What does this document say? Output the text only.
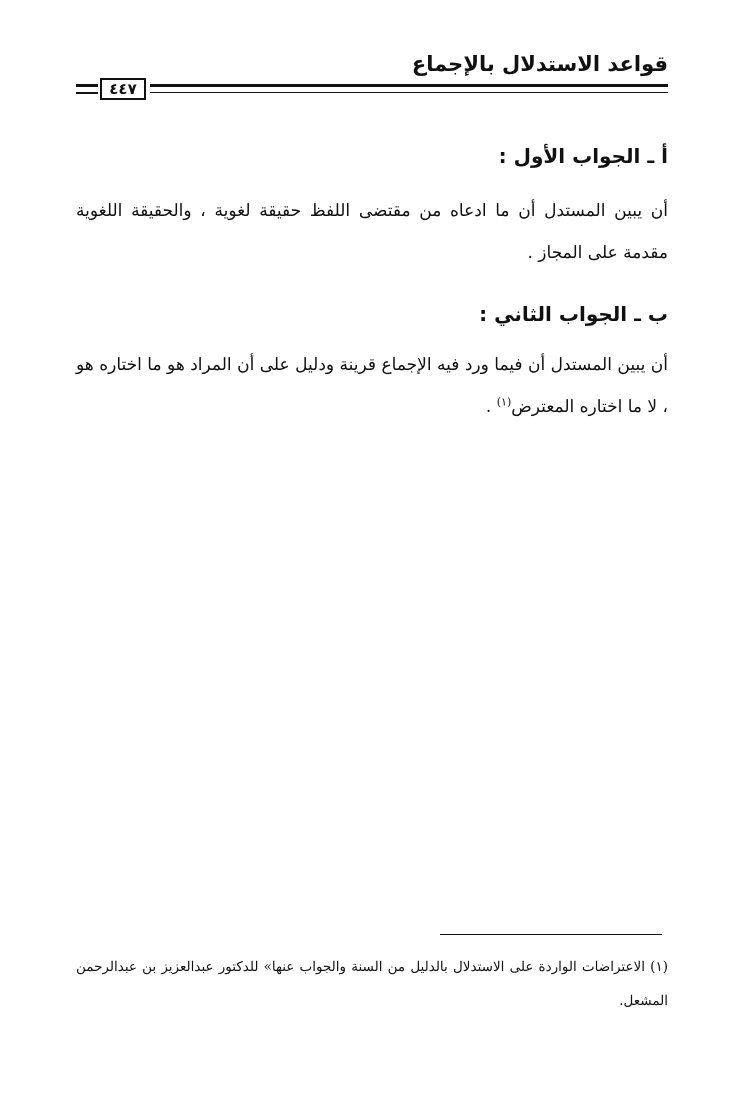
قواعد الاستدلال بالإجماع
٤٤٧
أ ـ الجواب الأول :
أن يبين المستدل أن ما ادعاه من مقتضى اللفظ حقيقة لغوية ، والحقيقة اللغوية مقدمة على المجاز .
ب ـ الجواب الثاني :
أن يبين المستدل أن فيما ورد فيه الإجماع قرينة ودليل على أن المراد هو ما اختاره هو ، لا ما اختاره المعترض$^{(١)}$ .
(١) الاعتراضات الواردة على الاستدلال بالدليل من السنة والجواب عنها» للدكتور عبدالعزيز بن عبدالرحمن المشعل.
